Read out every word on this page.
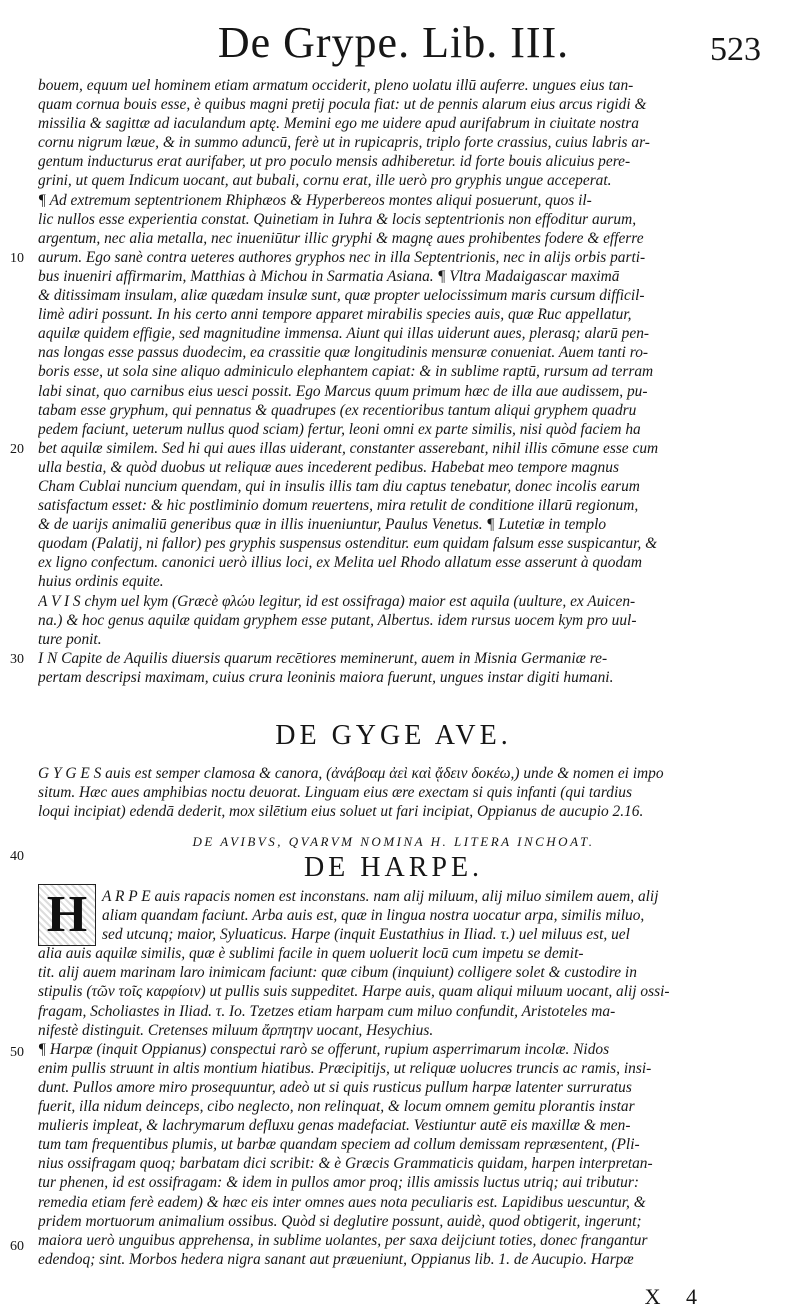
De Grype. Lib. III.	523
bouem, equum uel hominem etiam armatum occiderit, pleno uolatu illū auferre. ungues eius tan-
quam cornua bouis esse, è quibus magni pretij pocula fiat: ut de pennis alarum eius arcus rigidi &
missilia & sagittæ ad iaculandum aptę. Memini ego me uidere apud aurifabrum in ciuitate nostra
cornu nigrum læue, & in summo aduncū, ferè ut in rupicapris, triplo forte crassius, cuius labris ar-
gentum inducturus erat aurifaber, ut pro poculo mensis adhiberetur. id forte bouis alicuius pere-
grini, ut quem Indicum uocant, aut bubali, cornu erat, ille uerò pro gryphis ungue acceperat.
¶ Ad extremum septentrionem Rhiphæos & Hyperbereos montes aliqui posuerunt, quos il-
lic nullos esse experientia constat. Quinetiam in Iuhra & locis septentrionis non effoditur aurum,
argentum, nec alia metalla, nec inueniūtur illic gryphi & magnę aues prohibentes fodere & efferre
aurum. Ego sanè contra ueteres authores gryphos nec in illa Septentrionis, nec in alijs orbis parti-
bus inueniri affirmarim, Matthias à Michou in Sarmatia Asiana. ¶ Vltra Madaigascar maximā
& ditissimam insulam, aliæ quædam insulæ sunt, quæ propter uelocissimum maris cursum difficil-
limè adiri possunt. In his certo anni tempore apparet mirabilis species auis, quæ Ruc appellatur,
aquilæ quidem effigie, sed magnitudine immensa. Aiunt qui illas uiderunt aues, plerasq; alarū pen-
nas longas esse passus duodecim, ea crassitie quæ longitudinis mensuræ conueniat. Auem tanti ro-
boris esse, ut sola sine aliquo adminiculo elephantem capiat: & in sublime raptū, rursum ad terram
labi sinat, quo carnibus eius uesci possit. Ego Marcus quum primum hæc de illa aue audissem, pu-
tabam esse gryphum, qui pennatus & quadrupes (ex recentioribus tantum aliqui gryphem quadru
pedem faciunt, ueterum nullus quod sciam) fertur, leoni omni ex parte similis, nisi quòd faciem ha
bet aquilæ similem. Sed hi qui aues illas uiderant, constanter asserebant, nihil illis cōmune esse cum
ulla bestia, & quòd duobus ut reliquæ aues incederent pedibus. Habebat meo tempore magnus
Cham Cublai nuncium quendam, qui in insulis illis tam diu captus tenebatur, donec incolis earum
satisfactum esset: & hic postliminio domum reuertens, mira retulit de conditione illarū regionum,
& de uarijs animaliū generibus quæ in illis inueniuntur, Paulus Venetus. ¶ Lutetiæ in templo
quodam (Palatij, ni fallor) pes gryphis suspensus ostenditur. eum quidam falsum esse suspicantur, &
ex ligno confectum. canonici uerò illius loci, ex Melita uel Rhodo allatum esse asserunt à quodam
huius ordinis equite.
A V I S chym uel kym (Græcè φλώυ legitur, id est ossifraga) maior est aquila (uulture, ex Auicen-
na.) & hoc genus aquilæ quidam gryphem esse putant, Albertus. idem rursus uocem kym pro uul-
ture ponit.
I N Capite de Aquilis diuersis quarum recētiores meminerunt, auem in Misnia Germaniæ re-
pertam descripsi maximam, cuius crura leoninis maiora fuerunt, ungues instar digiti humani.
10
20
30
40
50
60
DE GYGE AVE.
G Y G E S auis est semper clamosa & canora, (ἀνάβοαμ ἀεὶ καὶ ᾄδειν δοκέω,) unde & nomen ei impo
situm. Hæc aues amphibias noctu deuorat. Linguam eius ære exectam si quis infanti (qui tardius
loqui incipiat) edendā dederit, mox silētium eius soluet ut fari incipiat, Oppianus de aucupio 2.16.
DE AVIBVS, QVARVM NOMINA H. LITERA INCHOAT.
DE HARPE.
H A R P E auis rapacis nomen est inconstans. nam alij miluum, alij miluo similem auem, alij
aliam quandam faciunt. Arba auis est, quæ in lingua nostra uocatur arpa, similis miluo,
sed utcunq; maior, Syluaticus. Harpe (inquit Eustathius in Iliad. τ.) uel miluus est, uel
alia auis aquilæ similis, quæ è sublimi facile in quem uoluerit locū cum impetu se demit-
tit. alij auem marinam laro inimicam faciunt: quæ cibum (inquiunt) colligere solet & custodire in
stipulis (τῶν τοῖς καρφίοιν) ut pullis suis suppeditet. Harpe auis, quam aliqui miluum uocant, alij ossi-
fragam, Scholiastes in Iliad. τ. Io. Tzetzes etiam harpam cum miluo confundit, Aristoteles ma-
nifestè distinguit. Cretenses miluum ἄρπητην uocant, Hesychius.
¶ Harpæ (inquit Oppianus) conspectui rarò se offerunt, rupium asperrimarum incolæ. Nidos
enim pullis struunt in altis montium hiatibus. Præcipitijs, ut reliquæ uolucres truncis ac ramis, insi-
dunt. Pullos amore miro prosequuntur, adeò ut si quis rusticus pullum harpæ latenter surruratus
fuerit, illa nidum deinceps, cibo neglecto, non relinquat, & locum omnem gemitu plorantis instar
mulieris impleat, & lachrymarum defluxu genas madefaciat. Vestiuntur autē eis maxillæ & men-
tum tam frequentibus plumis, ut barbæ quandam speciem ad collum demissam repræsentent, (Pli-
nius ossifragam quoq; barbatam dici scribit: & è Græcis Grammaticis quidam, harpen interpretan-
tur phenen, id est ossifragam: & idem in pullos amor proq; illis amissis luctus utriq; aui tributur:
remedia etiam ferè eadem) & hæc eis inter omnes aues nota peculiaris est. Lapidibus uescuntur, &
pridem mortuorum animalium ossibus. Quòd si deglutire possunt, auidè, quod obtigerit, ingerunt;
maiora uerò unguibus apprehensa, in sublime uolantes, per saxa deijciunt toties, donec frangantur
edendoq; sint. Morbos hedera nigra sanant aut præueniunt, Oppianus lib. 1. de Aucupio. Harpæ
X 4
